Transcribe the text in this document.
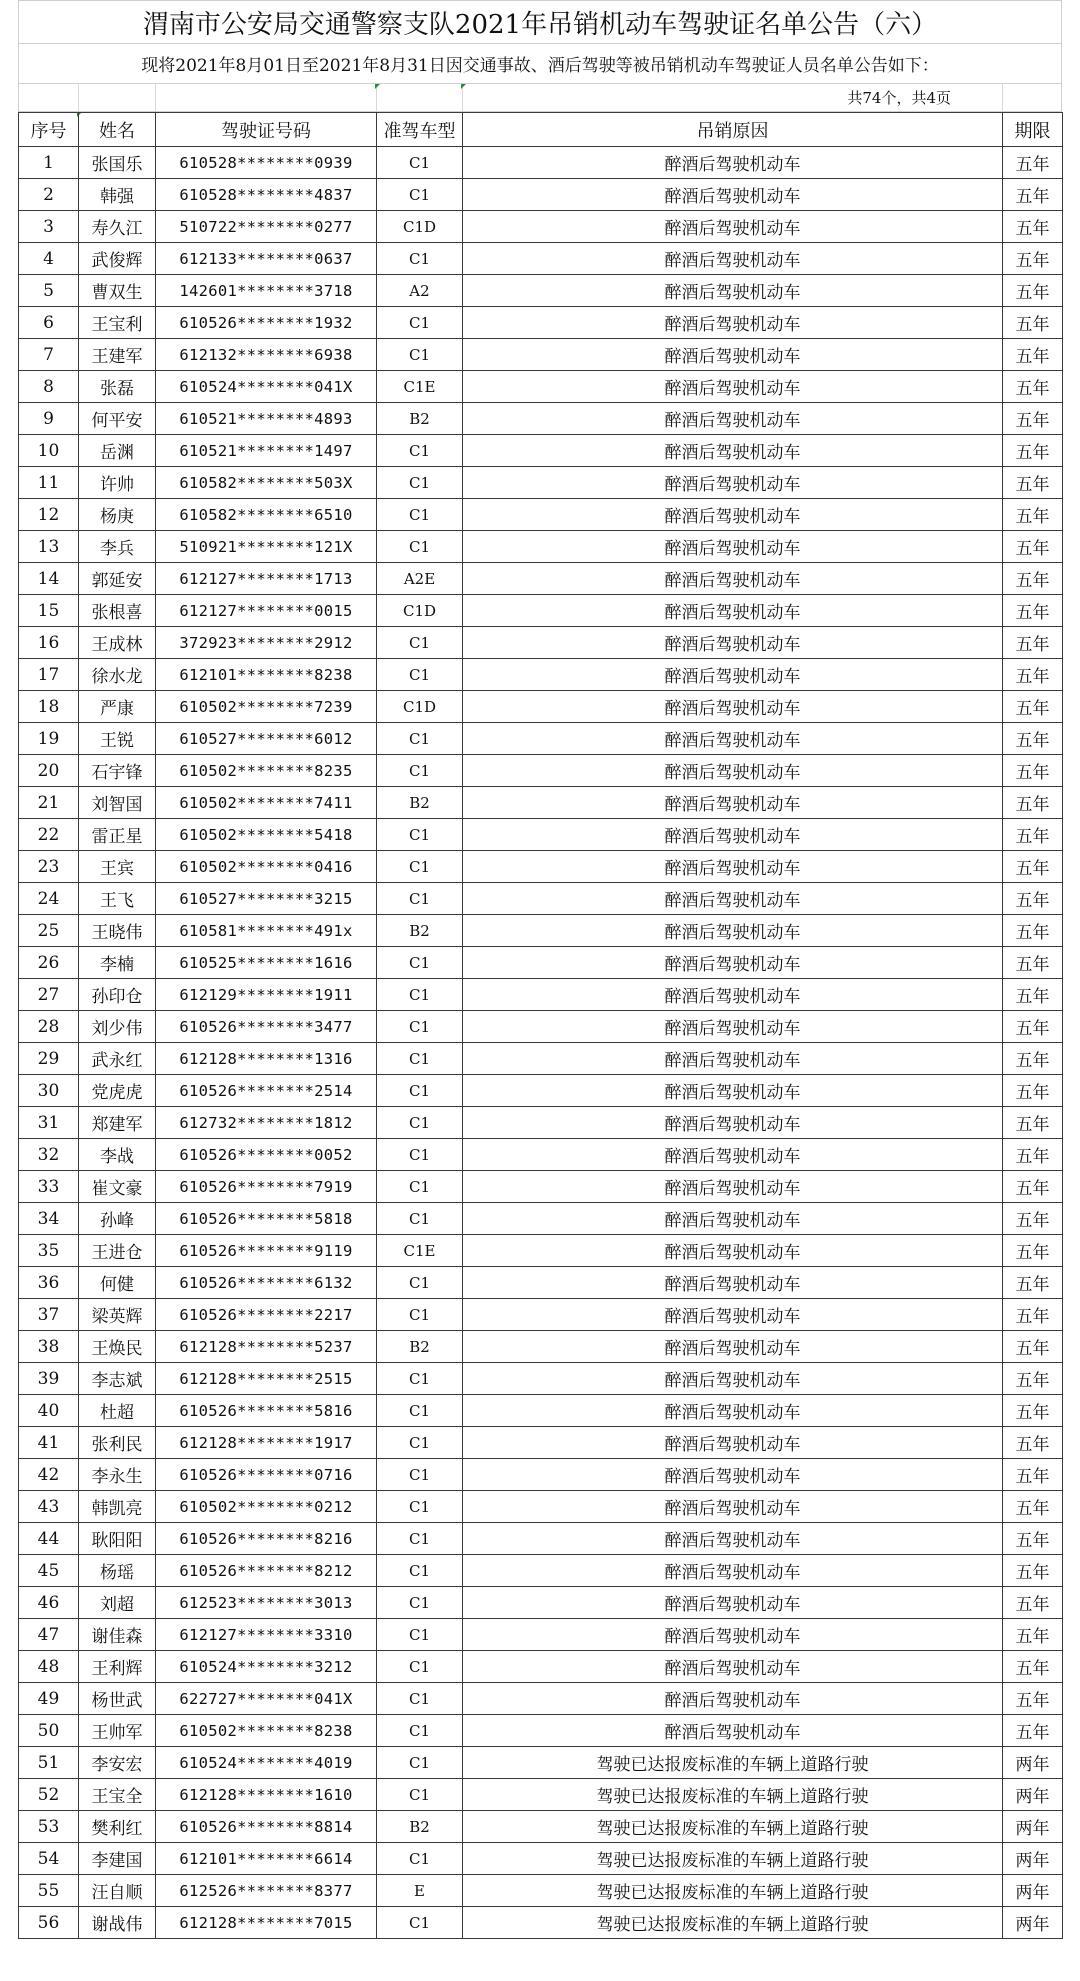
渭南市公安局交通警察支队2021年吊销机动车驾驶证名单公告（六）
现将2021年8月01日至2021年8月31日因交通事故、酒后驾驶等被吊销机动车驾驶证人员名单公告如下：
共74个，共4页
序号	姓名	驾驶证号码	准驾车型	吊销原因	期限
1	张国乐	610528********0939	C1	醉酒后驾驶机动车	五年
2	韩强	610528********4837	C1	醉酒后驾驶机动车	五年
3	寿久江	510722********0277	C1D	醉酒后驾驶机动车	五年
4	武俊辉	612133********0637	C1	醉酒后驾驶机动车	五年
5	曹双生	142601********3718	A2	醉酒后驾驶机动车	五年
6	王宝利	610526********1932	C1	醉酒后驾驶机动车	五年
7	王建军	612132********6938	C1	醉酒后驾驶机动车	五年
8	张磊	610524********041X	C1E	醉酒后驾驶机动车	五年
9	何平安	610521********4893	B2	醉酒后驾驶机动车	五年
10	岳渊	610521********1497	C1	醉酒后驾驶机动车	五年
11	许帅	610582********503X	C1	醉酒后驾驶机动车	五年
12	杨庚	610582********6510	C1	醉酒后驾驶机动车	五年
13	李兵	510921********121X	C1	醉酒后驾驶机动车	五年
14	郭延安	612127********1713	A2E	醉酒后驾驶机动车	五年
15	张根喜	612127********0015	C1D	醉酒后驾驶机动车	五年
16	王成林	372923********2912	C1	醉酒后驾驶机动车	五年
17	徐水龙	612101********8238	C1	醉酒后驾驶机动车	五年
18	严康	610502********7239	C1D	醉酒后驾驶机动车	五年
19	王锐	610527********6012	C1	醉酒后驾驶机动车	五年
20	石宇锋	610502********8235	C1	醉酒后驾驶机动车	五年
21	刘智国	610502********7411	B2	醉酒后驾驶机动车	五年
22	雷正星	610502********5418	C1	醉酒后驾驶机动车	五年
23	王宾	610502********0416	C1	醉酒后驾驶机动车	五年
24	王飞	610527********3215	C1	醉酒后驾驶机动车	五年
25	王晓伟	610581********491x	B2	醉酒后驾驶机动车	五年
26	李楠	610525********1616	C1	醉酒后驾驶机动车	五年
27	孙印仓	612129********1911	C1	醉酒后驾驶机动车	五年
28	刘少伟	610526********3477	C1	醉酒后驾驶机动车	五年
29	武永红	612128********1316	C1	醉酒后驾驶机动车	五年
30	党虎虎	610526********2514	C1	醉酒后驾驶机动车	五年
31	郑建军	612732********1812	C1	醉酒后驾驶机动车	五年
32	李战	610526********0052	C1	醉酒后驾驶机动车	五年
33	崔文豪	610526********7919	C1	醉酒后驾驶机动车	五年
34	孙峰	610526********5818	C1	醉酒后驾驶机动车	五年
35	王进仓	610526********9119	C1E	醉酒后驾驶机动车	五年
36	何健	610526********6132	C1	醉酒后驾驶机动车	五年
37	梁英辉	610526********2217	C1	醉酒后驾驶机动车	五年
38	王焕民	612128********5237	B2	醉酒后驾驶机动车	五年
39	李志斌	612128********2515	C1	醉酒后驾驶机动车	五年
40	杜超	610526********5816	C1	醉酒后驾驶机动车	五年
41	张利民	612128********1917	C1	醉酒后驾驶机动车	五年
42	李永生	610526********0716	C1	醉酒后驾驶机动车	五年
43	韩凯亮	610502********0212	C1	醉酒后驾驶机动车	五年
44	耿阳阳	610526********8216	C1	醉酒后驾驶机动车	五年
45	杨瑶	610526********8212	C1	醉酒后驾驶机动车	五年
46	刘超	612523********3013	C1	醉酒后驾驶机动车	五年
47	谢佳森	612127********3310	C1	醉酒后驾驶机动车	五年
48	王利辉	610524********3212	C1	醉酒后驾驶机动车	五年
49	杨世武	622727********041X	C1	醉酒后驾驶机动车	五年
50	王帅军	610502********8238	C1	醉酒后驾驶机动车	五年
51	李安宏	610524********4019	C1	驾驶已达报废标准的车辆上道路行驶	两年
52	王宝全	612128********1610	C1	驾驶已达报废标准的车辆上道路行驶	两年
53	樊利红	610526********8814	B2	驾驶已达报废标准的车辆上道路行驶	两年
54	李建国	612101********6614	C1	驾驶已达报废标准的车辆上道路行驶	两年
55	汪自顺	612526********8377	E	驾驶已达报废标准的车辆上道路行驶	两年
56	谢战伟	612128********7015	C1	驾驶已达报废标准的车辆上道路行驶	两年
